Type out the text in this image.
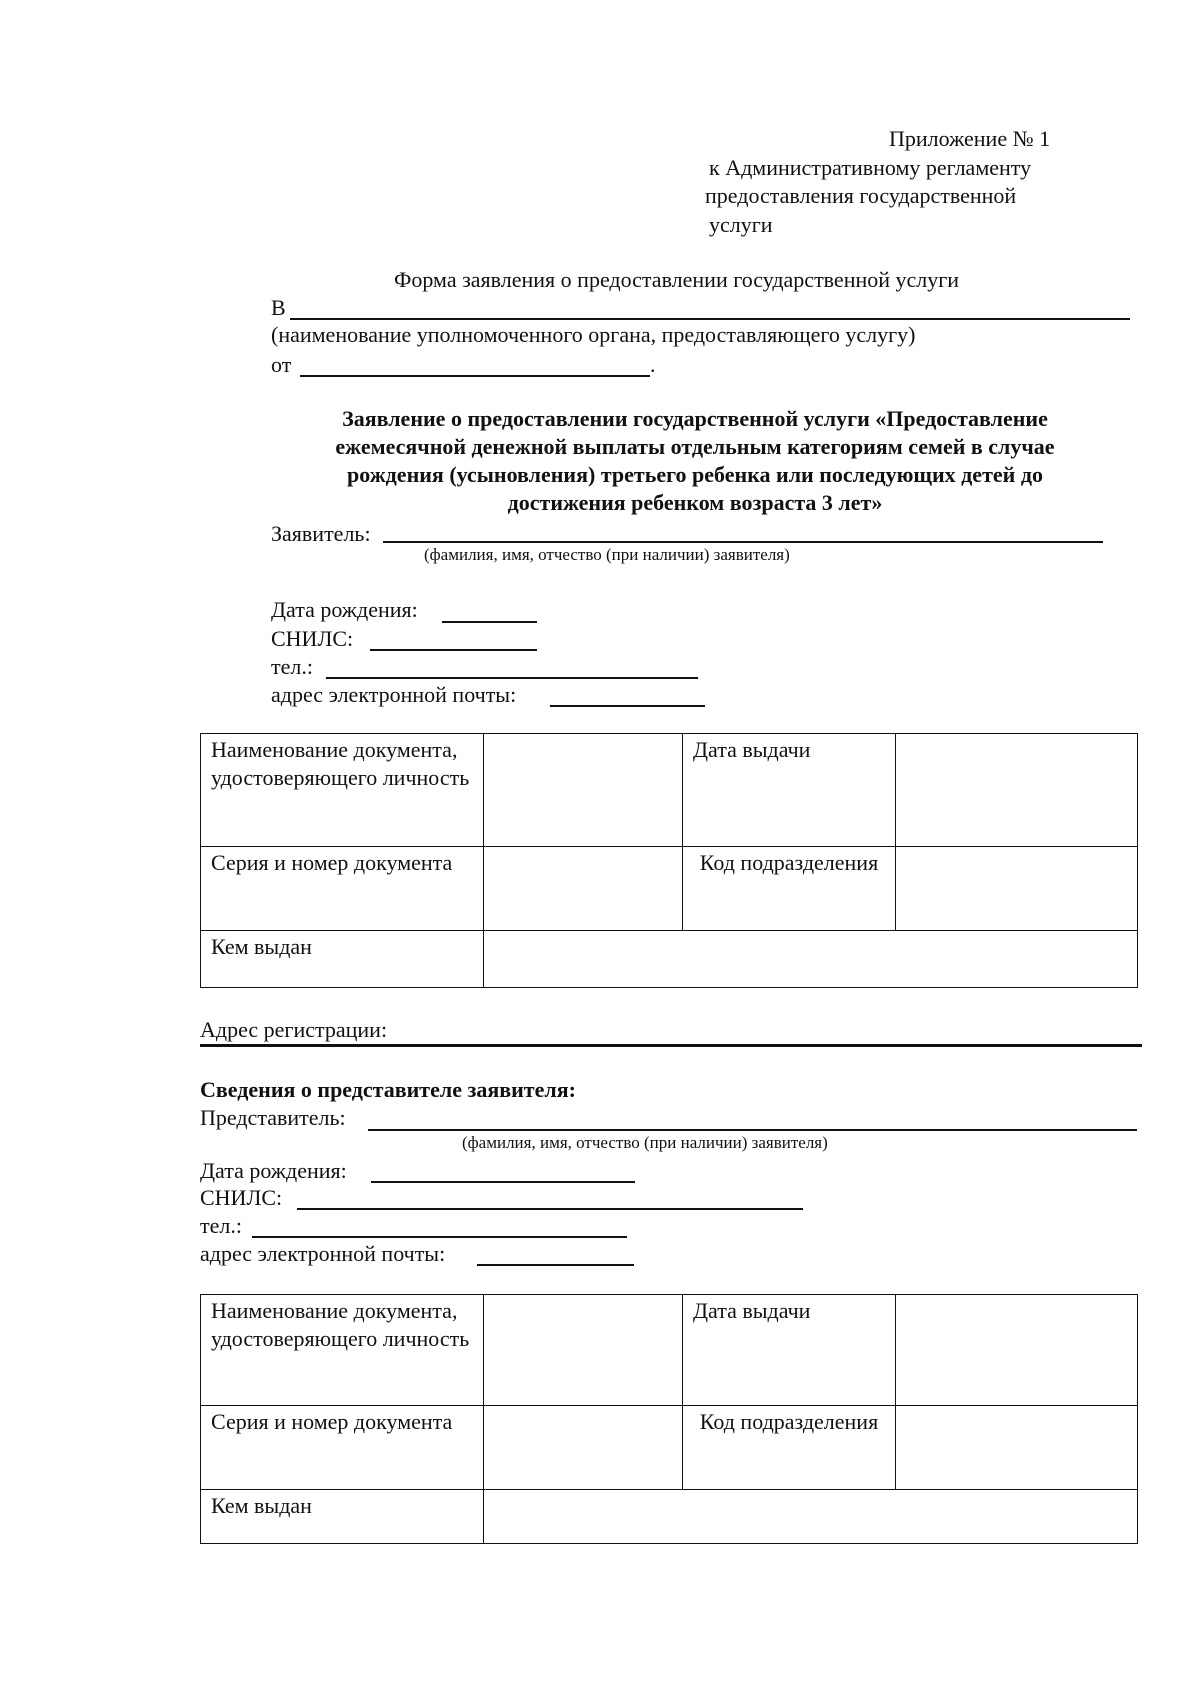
Приложение № 1
к Административному регламенту
предоставления государственной
услуги
Форма заявления о предоставлении государственной услуги
В
(наименование уполномоченного органа, предоставляющего услугу)
от	.
Заявление о предоставлении государственной услуги «Предоставление
ежемесячной денежной выплаты отдельным категориям семей в случае
рождения (усыновления) третьего ребенка или последующих детей до
достижения ребенком возраста 3 лет»
Заявитель:
(фамилия, имя, отчество (при наличии) заявителя)
Дата рождения:
СНИЛС:
тел.:
адрес электронной почты:
Наименование документа, удостоверяющего личность		Дата выдачи	
Серия и номер документа		Код подразделения	
Кем выдан			
Адрес регистрации:
Сведения о представителе заявителя:
Представитель:
(фамилия, имя, отчество (при наличии) заявителя)
Дата рождения:
СНИЛС:
тел.:
адрес электронной почты:
Наименование документа, удостоверяющего личность		Дата выдачи	
Серия и номер документа		Код подразделения	
Кем выдан			
